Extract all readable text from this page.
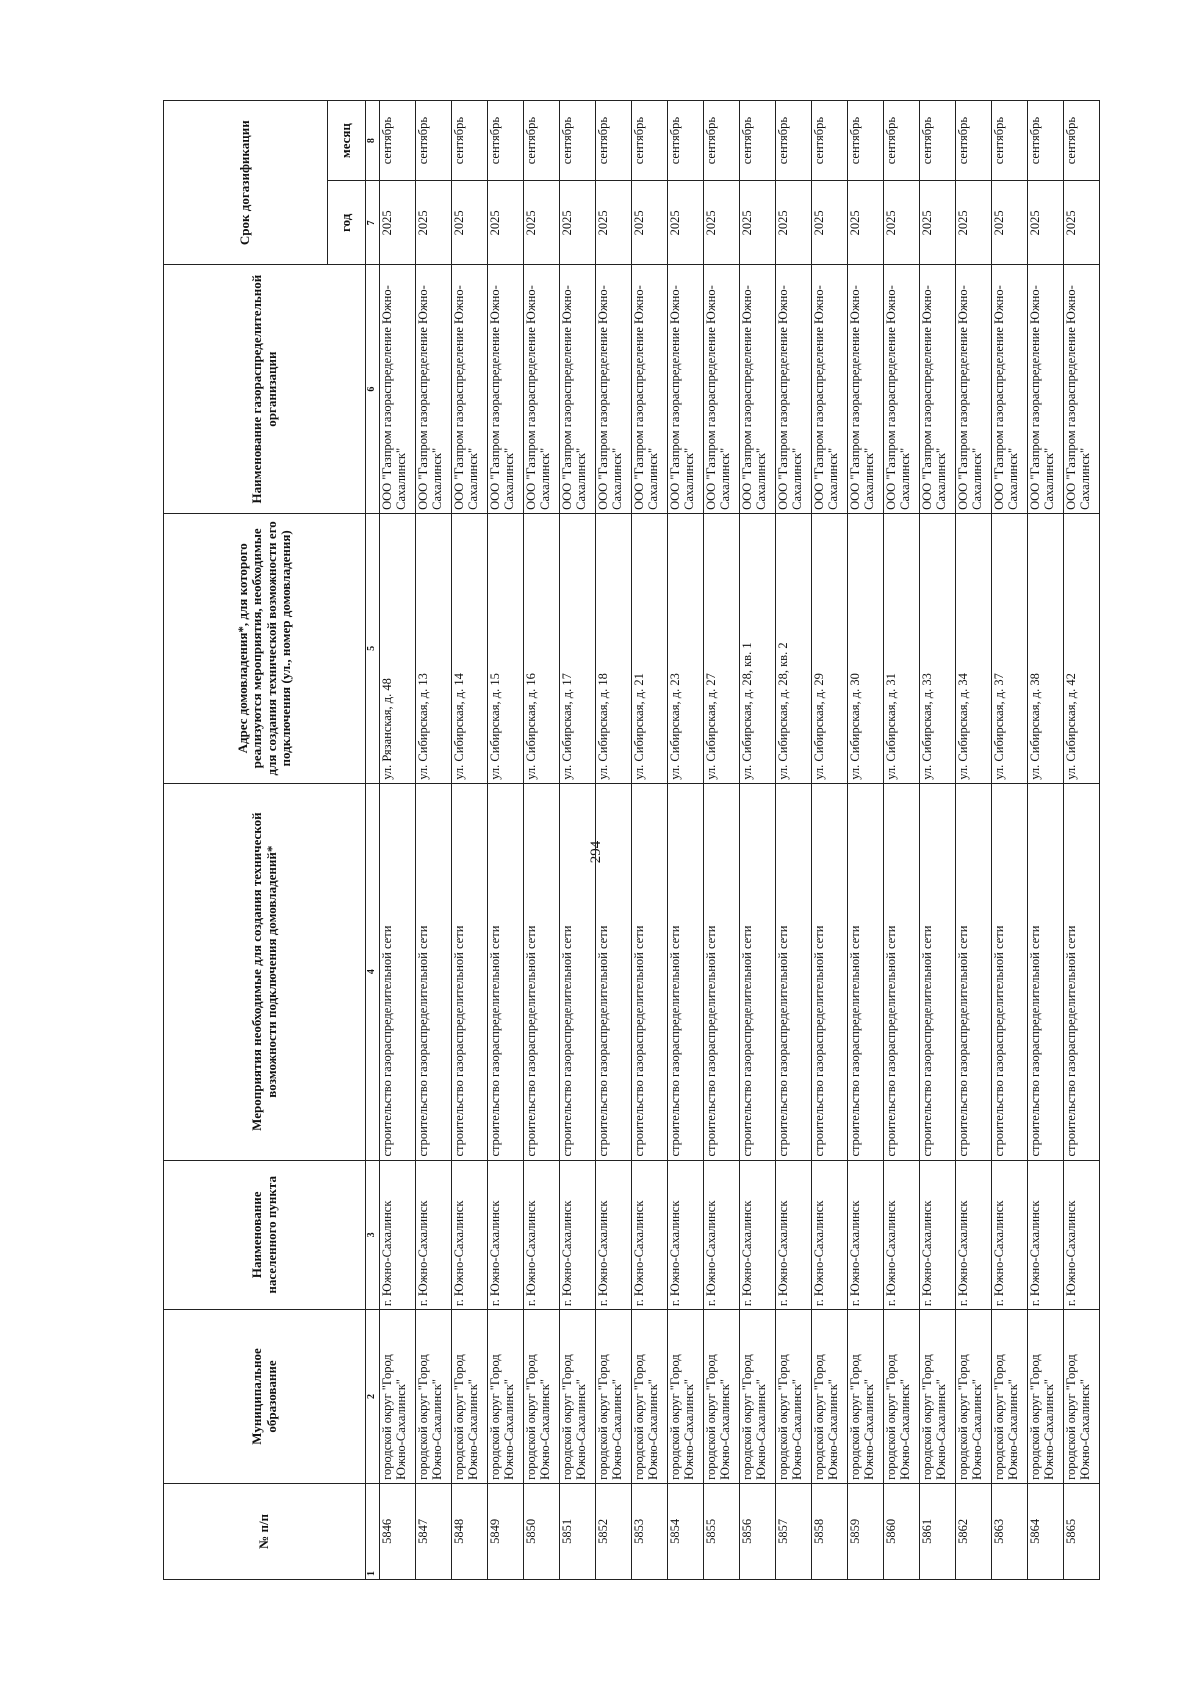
294
№ п/п	Муниципальное образование	Наименование населенного пункта	Мероприятия необходимые для создания технической возможности подключения домовладений*	Адрес домовладения*, для которого реализуются мероприятия, необходимые для создания технической возможности его подключения (ул., номер домовладения)	Наименование газораспределительной организации	Срок догазификации	
						год	месяц
1	2	3	4	5	6	7	8
5846	городской округ "Город Южно-Сахалинск"	г. Южно-Сахалинск	строительство газораспределительной сети	ул. Рязанская, д. 48	ООО "Газпром газораспределение Южно-Сахалинск"	2025	сентябрь
5847	городской округ "Город Южно-Сахалинск"	г. Южно-Сахалинск	строительство газораспределительной сети	ул. Сибирская, д. 13	ООО "Газпром газораспределение Южно-Сахалинск"	2025	сентябрь
5848	городской округ "Город Южно-Сахалинск"	г. Южно-Сахалинск	строительство газораспределительной сети	ул. Сибирская, д. 14	ООО "Газпром газораспределение Южно-Сахалинск"	2025	сентябрь
5849	городской округ "Город Южно-Сахалинск"	г. Южно-Сахалинск	строительство газораспределительной сети	ул. Сибирская, д. 15	ООО "Газпром газораспределение Южно-Сахалинск"	2025	сентябрь
5850	городской округ "Город Южно-Сахалинск"	г. Южно-Сахалинск	строительство газораспределительной сети	ул. Сибирская, д. 16	ООО "Газпром газораспределение Южно-Сахалинск"	2025	сентябрь
5851	городской округ "Город Южно-Сахалинск"	г. Южно-Сахалинск	строительство газораспределительной сети	ул. Сибирская, д. 17	ООО "Газпром газораспределение Южно-Сахалинск"	2025	сентябрь
5852	городской округ "Город Южно-Сахалинск"	г. Южно-Сахалинск	строительство газораспределительной сети	ул. Сибирская, д. 18	ООО "Газпром газораспределение Южно-Сахалинск"	2025	сентябрь
5853	городской округ "Город Южно-Сахалинск"	г. Южно-Сахалинск	строительство газораспределительной сети	ул. Сибирская, д. 21	ООО "Газпром газораспределение Южно-Сахалинск"	2025	сентябрь
5854	городской округ "Город Южно-Сахалинск"	г. Южно-Сахалинск	строительство газораспределительной сети	ул. Сибирская, д. 23	ООО "Газпром газораспределение Южно-Сахалинск"	2025	сентябрь
5855	городской округ "Город Южно-Сахалинск"	г. Южно-Сахалинск	строительство газораспределительной сети	ул. Сибирская, д. 27	ООО "Газпром газораспределение Южно-Сахалинск"	2025	сентябрь
5856	городской округ "Город Южно-Сахалинск"	г. Южно-Сахалинск	строительство газораспределительной сети	ул. Сибирская, д. 28, кв. 1	ООО "Газпром газораспределение Южно-Сахалинск"	2025	сентябрь
5857	городской округ "Город Южно-Сахалинск"	г. Южно-Сахалинск	строительство газораспределительной сети	ул. Сибирская, д. 28, кв. 2	ООО "Газпром газораспределение Южно-Сахалинск"	2025	сентябрь
5858	городской округ "Город Южно-Сахалинск"	г. Южно-Сахалинск	строительство газораспределительной сети	ул. Сибирская, д. 29	ООО "Газпром газораспределение Южно-Сахалинск"	2025	сентябрь
5859	городской округ "Город Южно-Сахалинск"	г. Южно-Сахалинск	строительство газораспределительной сети	ул. Сибирская, д. 30	ООО "Газпром газораспределение Южно-Сахалинск"	2025	сентябрь
5860	городской округ "Город Южно-Сахалинск"	г. Южно-Сахалинск	строительство газораспределительной сети	ул. Сибирская, д. 31	ООО "Газпром газораспределение Южно-Сахалинск"	2025	сентябрь
5861	городской округ "Город Южно-Сахалинск"	г. Южно-Сахалинск	строительство газораспределительной сети	ул. Сибирская, д. 33	ООО "Газпром газораспределение Южно-Сахалинск"	2025	сентябрь
5862	городской округ "Город Южно-Сахалинск"	г. Южно-Сахалинск	строительство газораспределительной сети	ул. Сибирская, д. 34	ООО "Газпром газораспределение Южно-Сахалинск"	2025	сентябрь
5863	городской округ "Город Южно-Сахалинск"	г. Южно-Сахалинск	строительство газораспределительной сети	ул. Сибирская, д. 37	ООО "Газпром газораспределение Южно-Сахалинск"	2025	сентябрь
5864	городской округ "Город Южно-Сахалинск"	г. Южно-Сахалинск	строительство газораспределительной сети	ул. Сибирская, д. 38	ООО "Газпром газораспределение Южно-Сахалинск"	2025	сентябрь
5865	городской округ "Город Южно-Сахалинск"	г. Южно-Сахалинск	строительство газораспределительной сети	ул. Сибирская, д. 42	ООО "Газпром газораспределение Южно-Сахалинск"	2025	сентябрь
